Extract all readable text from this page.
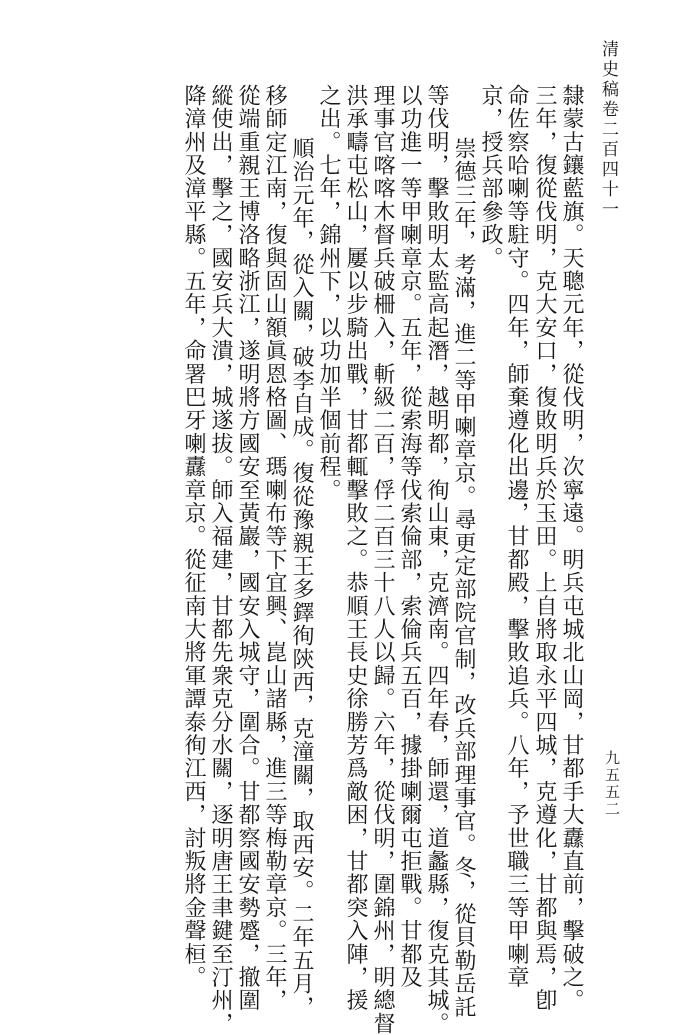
清史稿卷二百四十一
隸蒙古鑲藍旗。天聰元年，從伐明，次寧遠。明兵屯城北山岡，甘都手大纛直前，擊破之。
三年，復從伐明，克大安口，復敗明兵於玉田。上自將取永平四城，克遵化，甘都與焉，卽
命佐察哈喇等駐守。四年，師棄遵化出邊，甘都殿，擊敗追兵。八年，予世職三等甲喇章
京，授兵部參政。
崇德三年，考滿，進二等甲喇章京。尋更定部院官制，改兵部理事官。冬，從貝勒岳託
等伐明，擊敗明太監高起潛，越明都，徇山東，克濟南。四年春，師還，道蠡縣，復克其城。
以功進一等甲喇章京。五年，從索海等伐索倫部，索倫兵五百，據掛喇爾屯拒戰。甘都及
理事官喀喀木督兵破柵入，斬級二百，俘二百三十八人以歸。六年，從伐明，圍錦州，明總督
洪承疇屯松山，屢以步騎出戰，甘都輒擊敗之。恭順王長史徐勝芳爲敵困，甘都突入陣，援
之出。七年，錦州下，以功加半個前程。
順治元年，從入關，破李自成。復從豫親王多鐸徇陝西，克潼關，取西安。二年五月，
移師定江南，復與固山額眞恩格圖、瑪喇布等下宜興、崑山諸縣，進三等梅勒章京。三年，
從端重親王博洛略浙江，遂明將方國安至黃巖，國安入城守，圍合。甘都察國安勢蹙，撤圍
縱使出，擊之，國安兵大潰，城遂拔。師入福建，甘都先衆克分水關，逐明唐王聿鍵至汀州，
降漳州及漳平縣。五年，命署巴牙喇纛章京。從征南大將軍譚泰徇江西，討叛將金聲桓。	九五五二
